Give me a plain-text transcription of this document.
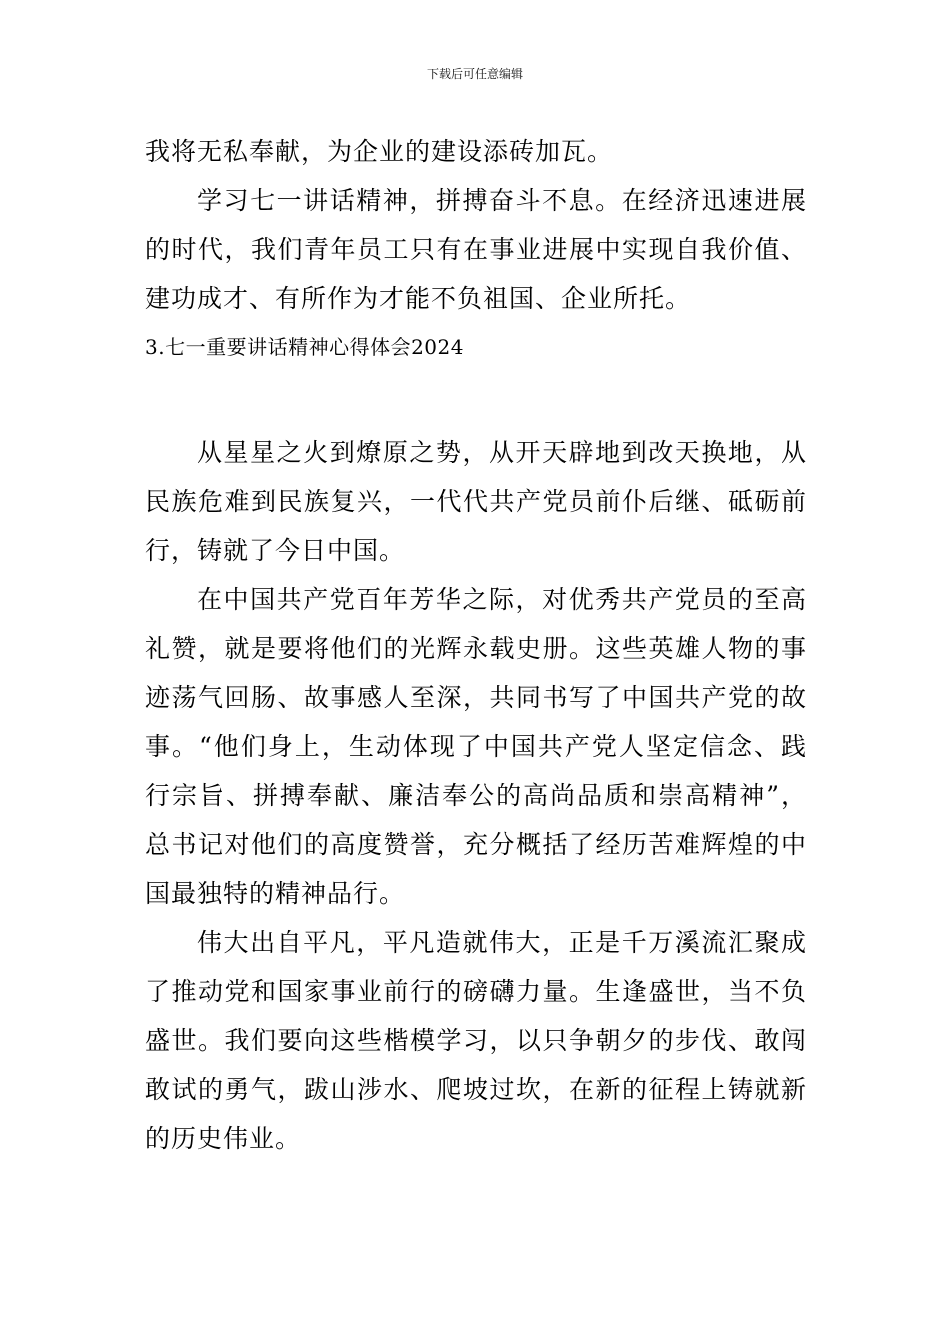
下载后可任意编辑

我将无私奉献，为企业的建设添砖加瓦。

学习七一讲话精神，拼搏奋斗不息。在经济迅速进展的时代，我们青年员工只有在事业进展中实现自我价值、建功成才、有所作为才能不负祖国、企业所托。

3.七一重要讲话精神心得体会2024

从星星之火到燎原之势，从开天辟地到改天换地，从民族危难到民族复兴，一代代共产党员前仆后继、砥砺前行，铸就了今日中国。

在中国共产党百年芳华之际，对优秀共产党员的至高礼赞，就是要将他们的光辉永载史册。这些英雄人物的事迹荡气回肠、故事感人至深，共同书写了中国共产党的故事。“他们身上，生动体现了中国共产党人坚定信念、践行宗旨、拼搏奉献、廉洁奉公的高尚品质和崇高精神”，总书记对他们的高度赞誉，充分概括了经历苦难辉煌的中国最独特的精神品行。

伟大出自平凡，平凡造就伟大，正是千万溪流汇聚成了推动党和国家事业前行的磅礴力量。生逢盛世，当不负盛世。我们要向这些楷模学习，以只争朝夕的步伐、敢闯敢试的勇气，跋山涉水、爬坡过坎，在新的征程上铸就新的历史伟业。
